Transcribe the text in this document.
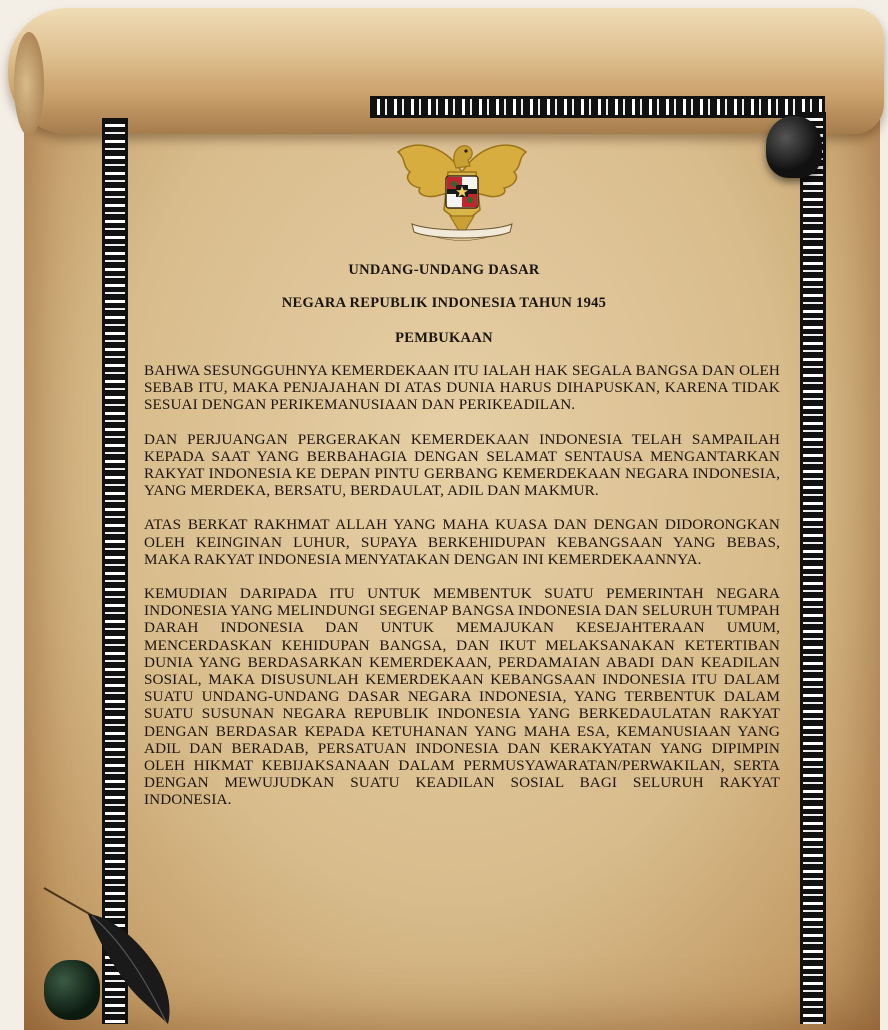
UNDANG-UNDANG DASAR
NEGARA REPUBLIK INDONESIA TAHUN 1945
PEMBUKAAN

BAHWA SESUNGGUHNYA KEMERDEKAAN ITU IALAH HAK SEGALA BANGSA DAN OLEH SEBAB ITU, MAKA PENJAJAHAN DI ATAS DUNIA HARUS DIHAPUSKAN, KARENA TIDAK SESUAI DENGAN PERIKEMANUSIAAN DAN PERIKEADILAN.

DAN PERJUANGAN PERGERAKAN KEMERDEKAAN INDONESIA TELAH SAMPAILAH KEPADA SAAT YANG BERBAHAGIA DENGAN SELAMAT SENTAUSA MENGANTARKAN RAKYAT INDONESIA KE DEPAN PINTU GERBANG KEMERDEKAAN NEGARA INDONESIA, YANG MERDEKA, BERSATU, BERDAULAT, ADIL DAN MAKMUR.

ATAS BERKAT RAKHMAT ALLAH YANG MAHA KUASA DAN DENGAN DIDORONGKAN OLEH KEINGINAN LUHUR, SUPAYA BERKEHIDUPAN KEBANGSAAN YANG BEBAS, MAKA RAKYAT INDONESIA MENYATAKAN DENGAN INI KEMERDEKAANNYA.

KEMUDIAN DARIPADA ITU UNTUK MEMBENTUK SUATU PEMERINTAH NEGARA INDONESIA YANG MELINDUNGI SEGENAP BANGSA INDONESIA DAN SELURUH TUMPAH DARAH INDONESIA DAN UNTUK MEMAJUKAN KESEJAHTERAAN UMUM, MENCERDASKAN KEHIDUPAN BANGSA, DAN IKUT MELAKSANAKAN KETERTIBAN DUNIA YANG BERDASARKAN KEMERDEKAAN, PERDAMAIAN ABADI DAN KEADILAN SOSIAL, MAKA DISUSUNLAH KEMERDEKAAN KEBANGSAAN INDONESIA ITU DALAM SUATU UNDANG-UNDANG DASAR NEGARA INDONESIA, YANG TERBENTUK DALAM SUATU SUSUNAN NEGARA REPUBLIK INDONESIA YANG BERKEDAULATAN RAKYAT DENGAN BERDASAR KEPADA KETUHANAN YANG MAHA ESA, KEMANUSIAAN YANG ADIL DAN BERADAB, PERSATUAN INDONESIA DAN KERAKYATAN YANG DIPIMPIN OLEH HIKMAT KEBIJAKSANAAN DALAM PERMUSYAWARATAN/PERWAKILAN, SERTA DENGAN MEWUJUDKAN SUATU KEADILAN SOSIAL BAGI SELURUH RAKYAT INDONESIA.
